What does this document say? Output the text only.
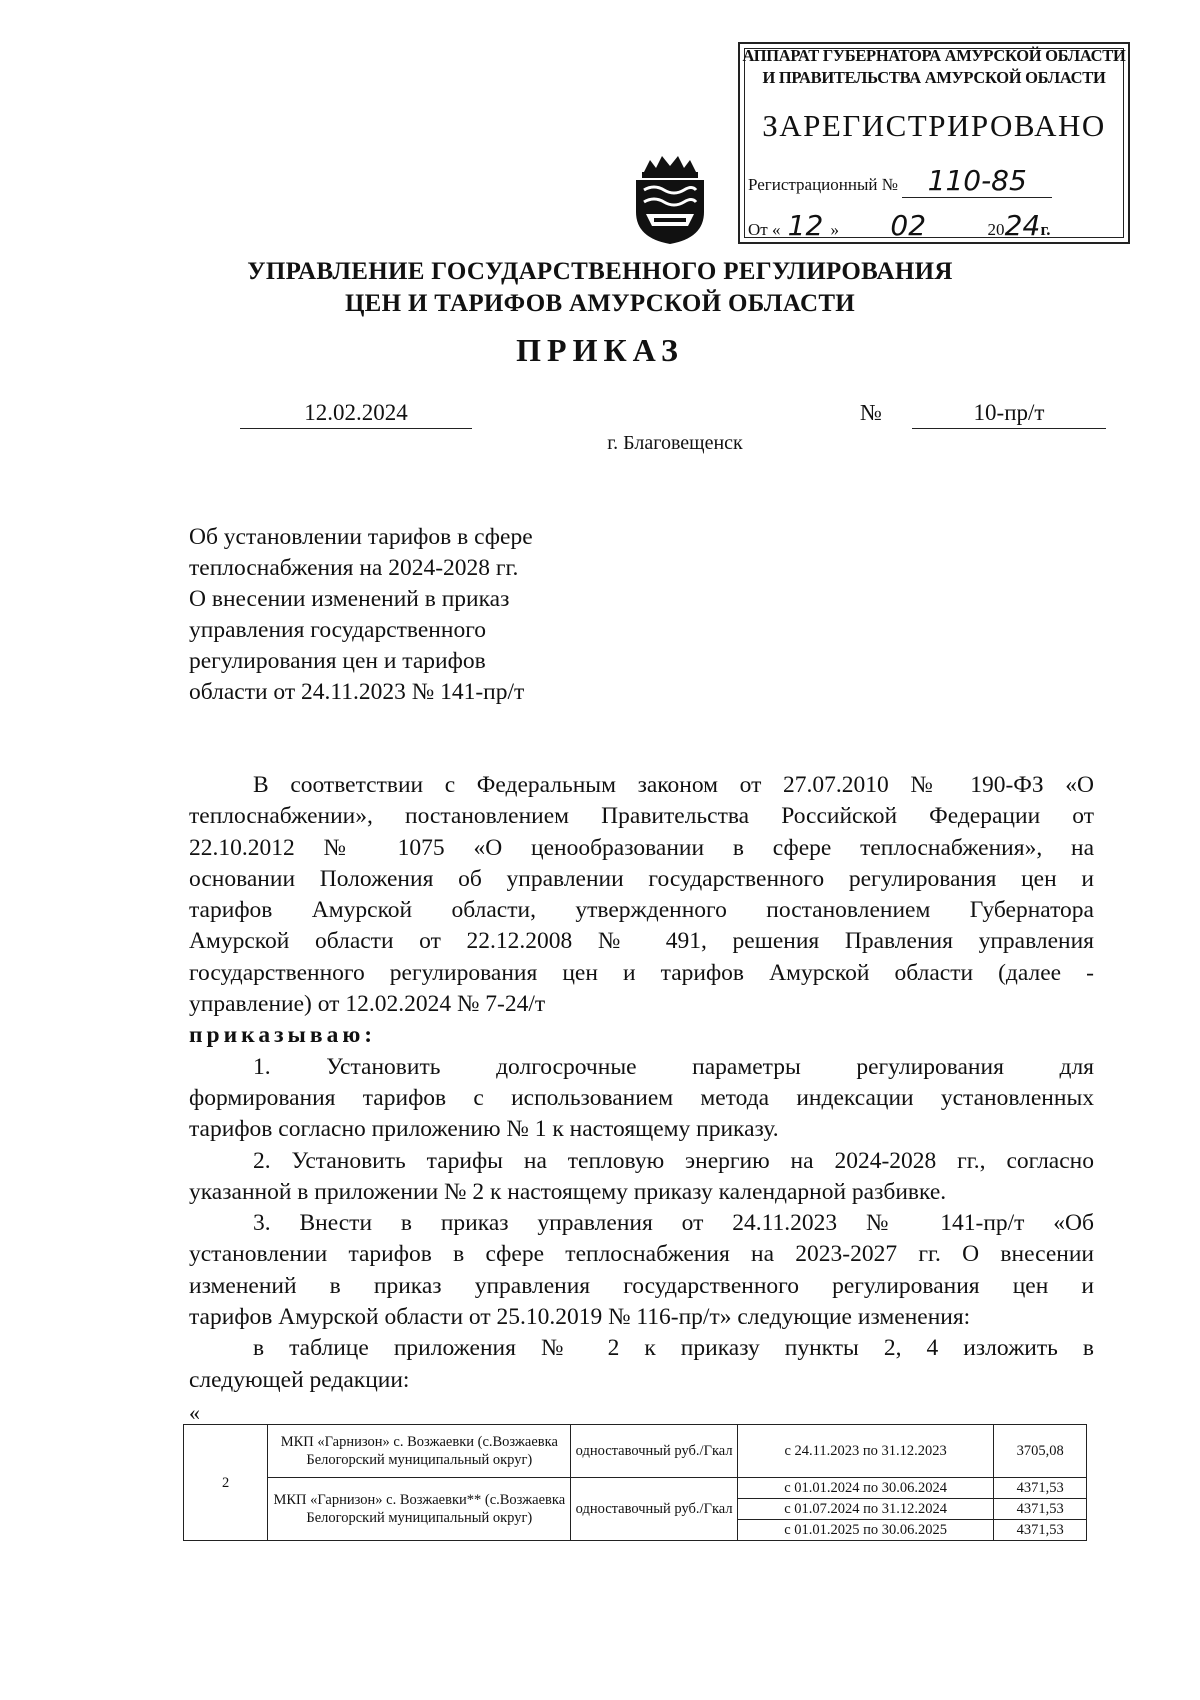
АППАРАТ ГУБЕРНАТОРА АМУРСКОЙ ОБЛАСТИ
И ПРАВИТЕЛЬСТВА АМУРСКОЙ ОБЛАСТИ
ЗАРЕГИСТРИРОВАНО
Регистрационный № 110-85
От « 12 » 02	2024г.
УПРАВЛЕНИЕ ГОСУДАРСТВЕННОГО РЕГУЛИРОВАНИЯ
ЦЕН И ТАРИФОВ АМУРСКОЙ ОБЛАСТИ
ПРИКАЗ
12.02.2024	№	10-пр/т
г. Благовещенск
Об установлении тарифов в сфере
теплоснабжения на 2024-2028 гг.
О внесении изменений в приказ
управления государственного
регулирования цен и тарифов
области от 24.11.2023 № 141-пр/т

В соответствии с Федеральным законом от 27.07.2010 № 190-ФЗ «О

теплоснабжении», постановлением Правительства Российской Федерации от

22.10.2012 № 1075 «О ценообразовании в сфере теплоснабжения», на

основании Положения об управлении государственного регулирования цен и

тарифов Амурской области, утвержденного постановлением Губернатора

Амурской области от 22.12.2008 № 491, решения Правления управления

государственного регулирования цен и тарифов Амурской области (далее -

управление) от 12.02.2024 № 7-24/т

приказываю:

1. Установить долгосрочные параметры регулирования для

формирования тарифов с использованием метода индексации установленных

тарифов согласно приложению № 1 к настоящему приказу.

2. Установить тарифы на тепловую энергию на 2024-2028 гг., согласно

указанной в приложении № 2 к настоящему приказу календарной разбивке.

3. Внести в приказ управления от 24.11.2023 № 141-пр/т «Об

установлении тарифов в сфере теплоснабжения на 2023-2027 гг. О внесении

изменений в приказ управления государственного регулирования цен и

тарифов Амурской области от 25.10.2019 № 116-пр/т» следующие изменения:

в таблице приложения № 2 к приказу пункты 2, 4 изложить в

следующей редакции:

«
2	МКП «Гарнизон» с. Возжаевки (с.Возжаевка Белогорский муниципальный округ)	одноставочный руб./Гкал	с 24.11.2023 по 31.12.2023	3705,08
	МКП «Гарнизон» с. Возжаевки** (с.Возжаевка Белогорский муниципальный округ)	одноставочный руб./Гкал	с 01.01.2024 по 30.06.2024	4371,53
			с 01.07.2024 по 31.12.2024	4371,53
			с 01.01.2025 по 30.06.2025	4371,53
